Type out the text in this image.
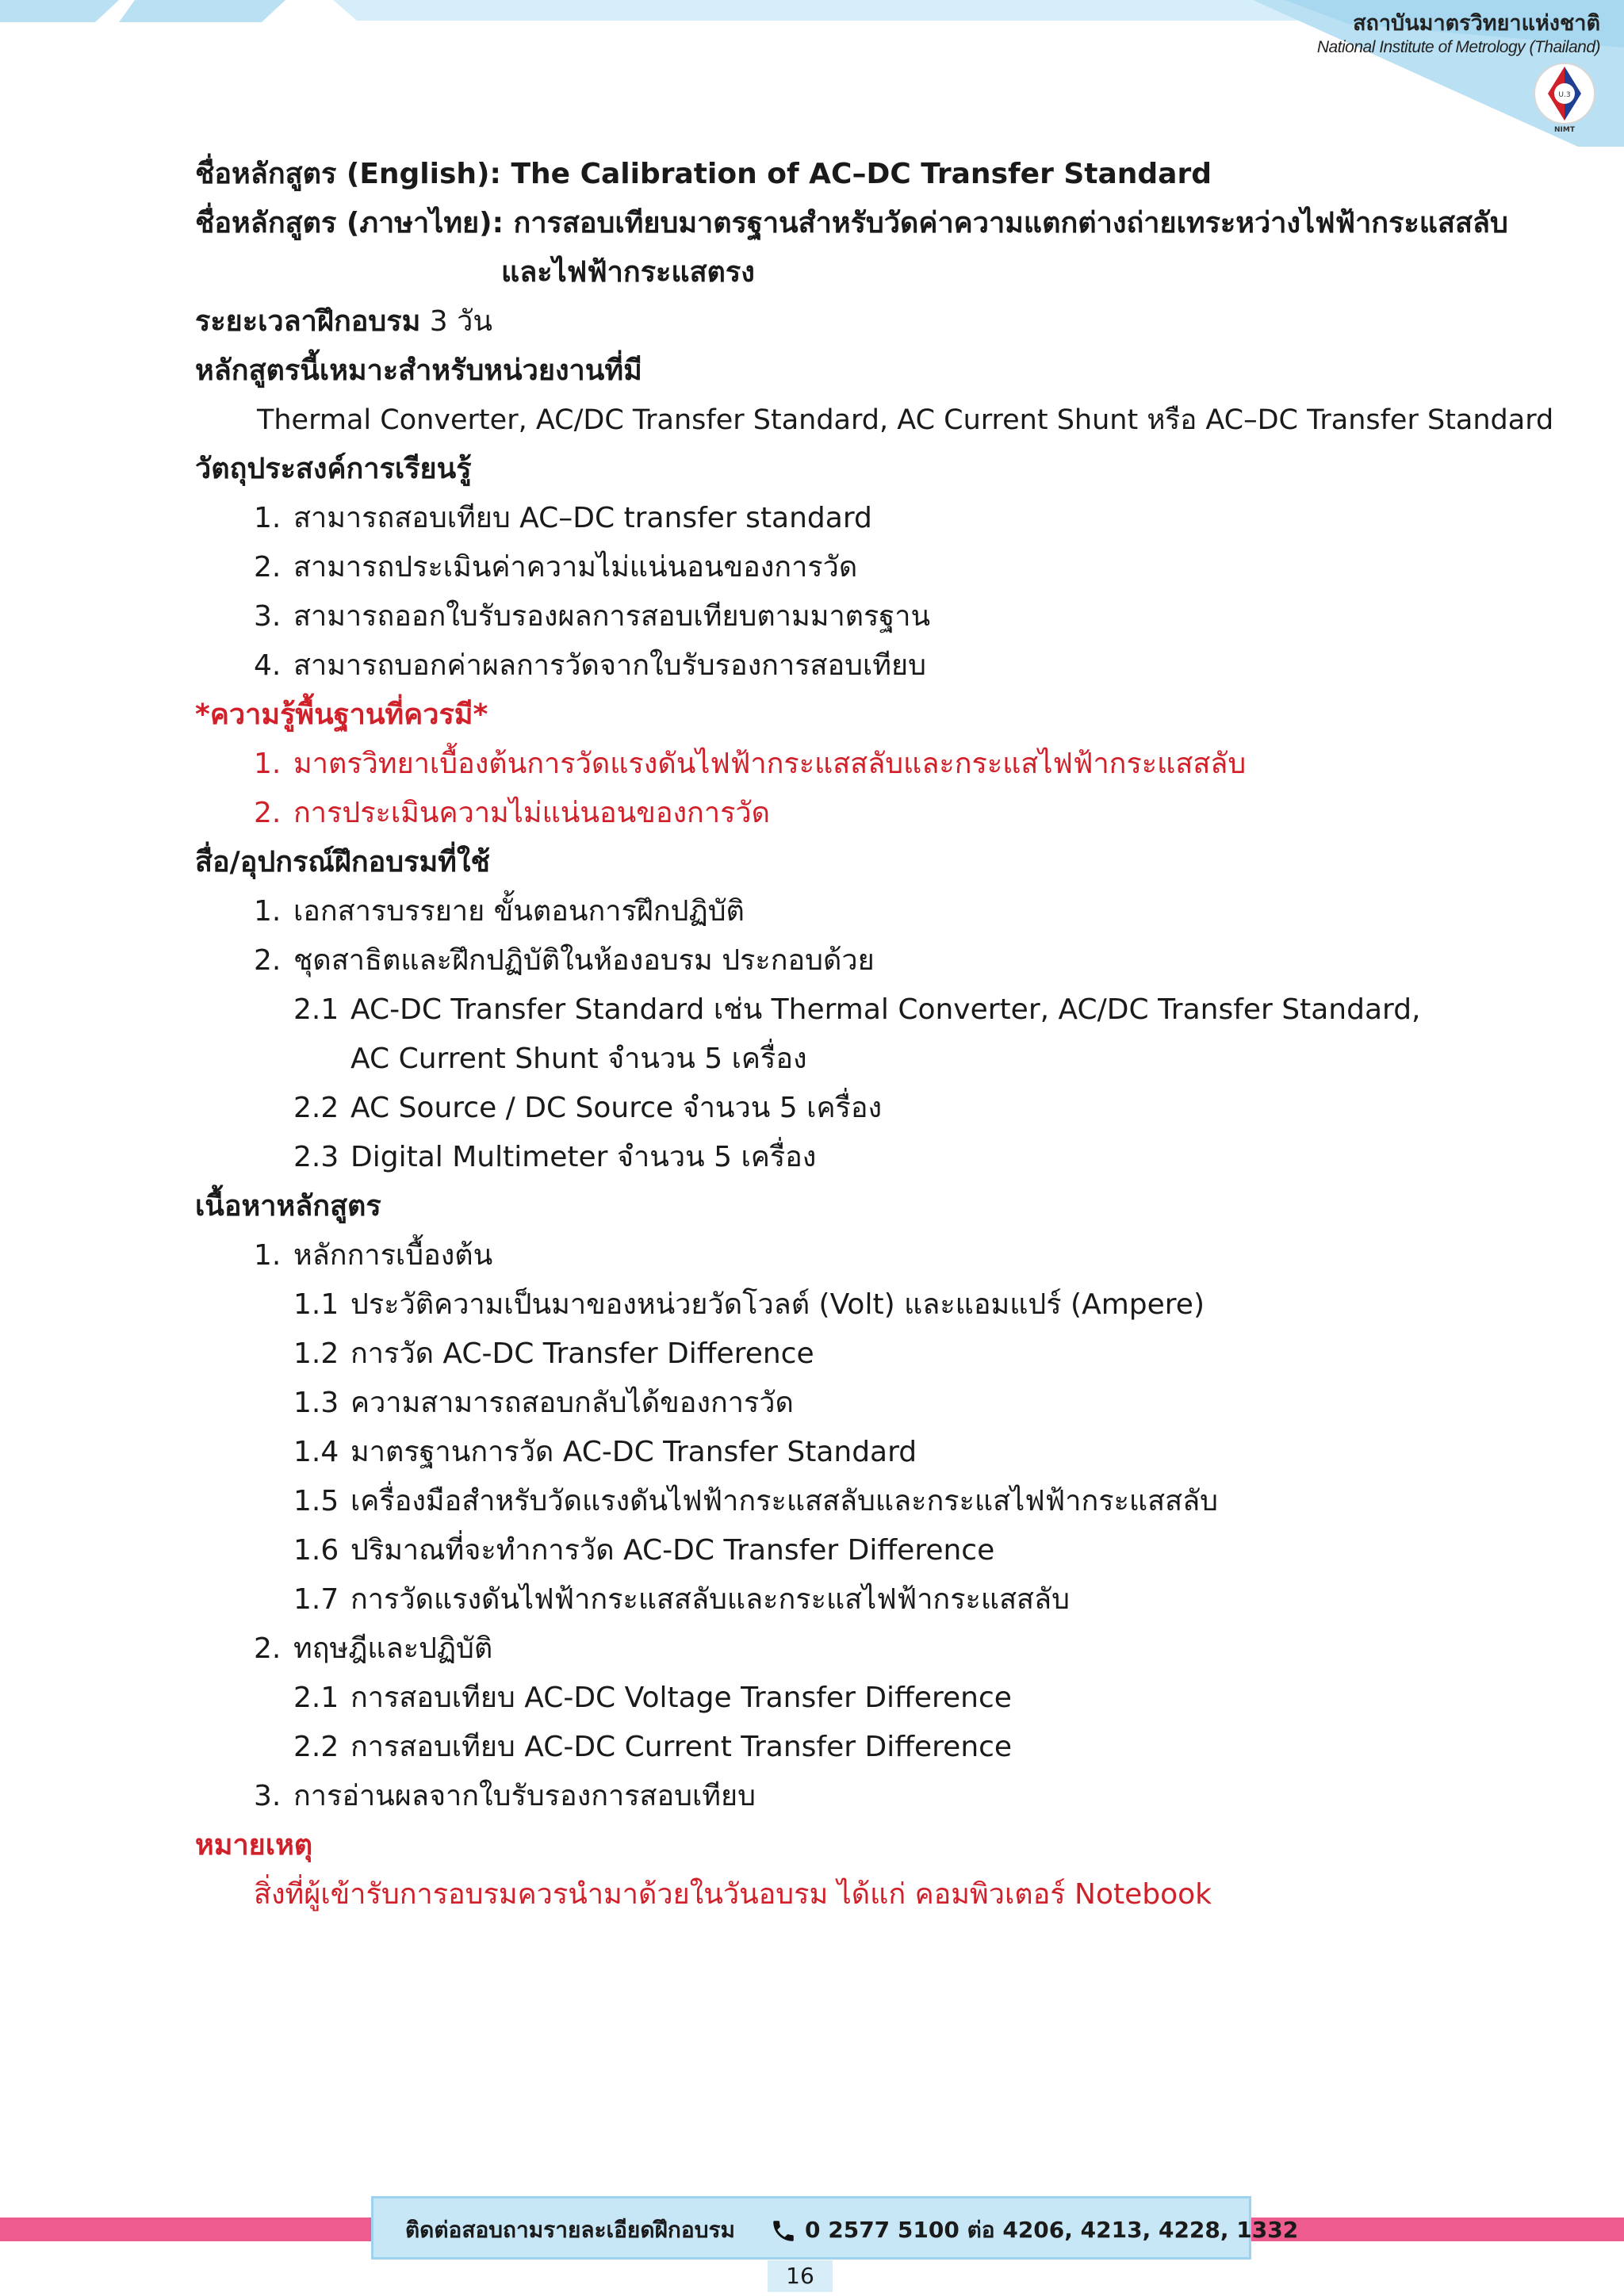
สถาบันมาตรวิทยาแห่งชาติ
National Institute of Metrology (Thailand)
U.3
NIMT
ชื่อหลักสูตร (English): The Calibration of AC–DC Transfer Standard
ชื่อหลักสูตร (ภาษาไทย): การสอบเทียบมาตรฐานสำหรับวัดค่าความแตกต่างถ่ายเทระหว่างไฟฟ้ากระแสสลับ
และไฟฟ้ากระแสตรง
ระยะเวลาฝึกอบรม 3 วัน
หลักสูตรนี้เหมาะสำหรับหน่วยงานที่มี
Thermal Converter, AC/DC Transfer Standard, AC Current Shunt หรือ AC–DC Transfer Standard
วัตถุประสงค์การเรียนรู้
1. สามารถสอบเทียบ AC–DC transfer standard
2. สามารถประเมินค่าความไม่แน่นอนของการวัด
3. สามารถออกใบรับรองผลการสอบเทียบตามมาตรฐาน
4. สามารถบอกค่าผลการวัดจากใบรับรองการสอบเทียบ
*ความรู้พื้นฐานที่ควรมี*
1. มาตรวิทยาเบื้องต้นการวัดแรงดันไฟฟ้ากระแสสลับและกระแสไฟฟ้ากระแสสลับ
2. การประเมินความไม่แน่นอนของการวัด
สื่อ/อุปกรณ์ฝึกอบรมที่ใช้
1. เอกสารบรรยาย ขั้นตอนการฝึกปฏิบัติ
2. ชุดสาธิตและฝึกปฏิบัติในห้องอบรม ประกอบด้วย
2.1 AC-DC Transfer Standard เช่น Thermal Converter, AC/DC Transfer Standard,
AC Current Shunt จำนวน 5 เครื่อง
2.2 AC Source / DC Source จำนวน 5 เครื่อง
2.3 Digital Multimeter จำนวน 5 เครื่อง
เนื้อหาหลักสูตร
1. หลักการเบื้องต้น
1.1 ประวัติความเป็นมาของหน่วยวัดโวลต์ (Volt) และแอมแปร์ (Ampere)
1.2 การวัด AC-DC Transfer Difference
1.3 ความสามารถสอบกลับได้ของการวัด
1.4 มาตรฐานการวัด AC-DC Transfer Standard
1.5 เครื่องมือสำหรับวัดแรงดันไฟฟ้ากระแสสลับและกระแสไฟฟ้ากระแสสลับ
1.6 ปริมาณที่จะทำการวัด AC-DC Transfer Difference
1.7 การวัดแรงดันไฟฟ้ากระแสสลับและกระแสไฟฟ้ากระแสสลับ
2. ทฤษฎีและปฏิบัติ
2.1 การสอบเทียบ AC-DC Voltage Transfer Difference
2.2 การสอบเทียบ AC-DC Current Transfer Difference
3. การอ่านผลจากใบรับรองการสอบเทียบ
หมายเหตุ
สิ่งที่ผู้เข้ารับการอบรมควรนำมาด้วยในวันอบรม ได้แก่ คอมพิวเตอร์ Notebook
ติดต่อสอบถามรายละเอียดฝึกอบรม	0 2577 5100 ต่อ 4206, 4213, 4228, 1332
16
